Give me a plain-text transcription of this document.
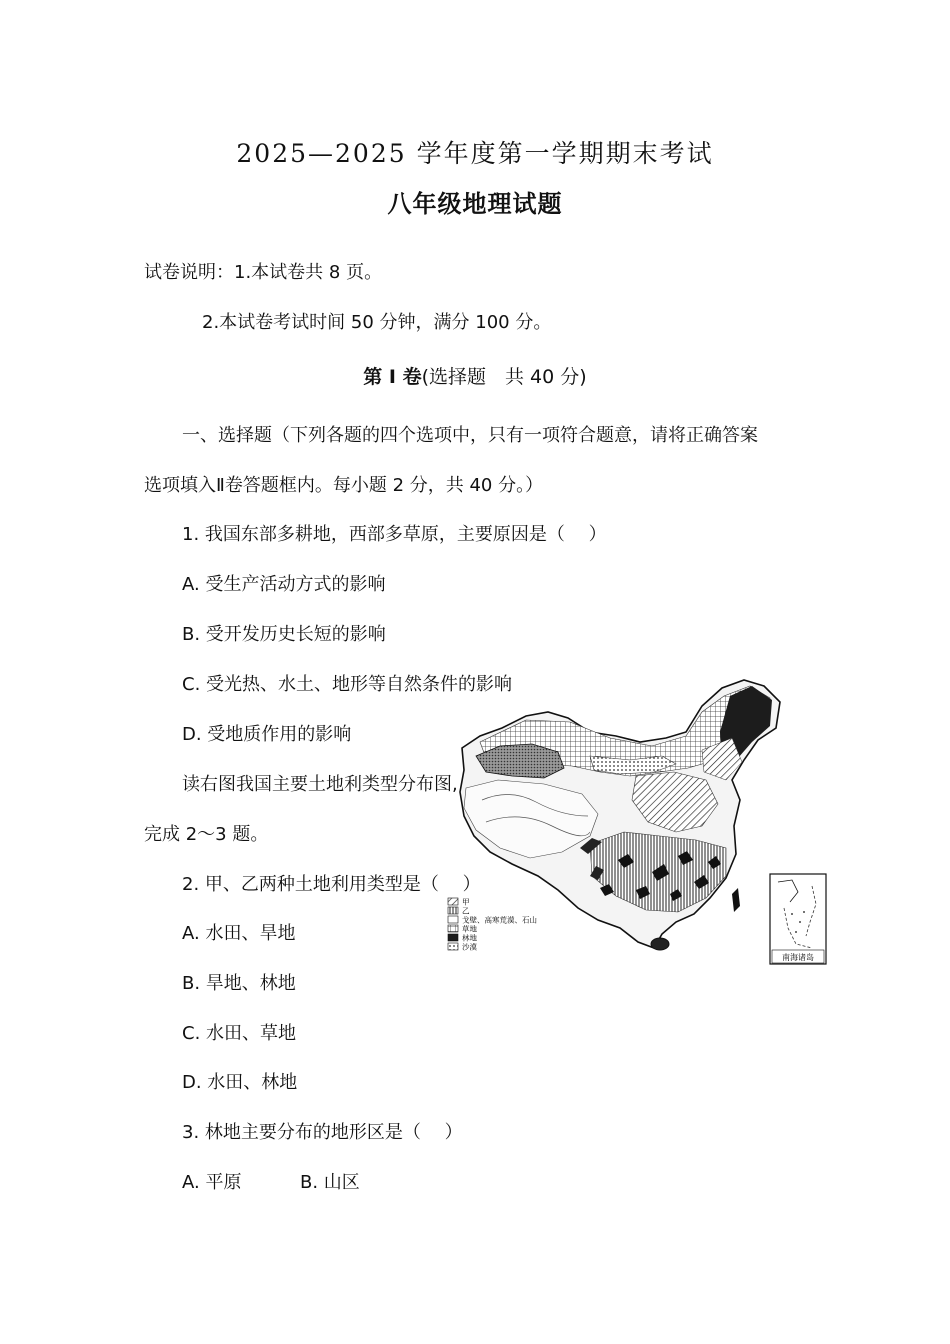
2025—2025 学年度第一学期期末考试
八年级地理试题
试卷说明：1.本试卷共 8 页。
2.本试卷考试时间 50 分钟，满分 100 分。
第 I 卷(选择题　共 40 分)
一、选择题（下列各题的四个选项中，只有一项符合题意，请将正确答案
选项填入Ⅱ卷答题框内。每小题 2 分，共 40 分。）
1. 我国东部多耕地，西部多草原，主要原因是（　 ）
A. 受生产活动方式的影响
B. 受开发历史长短的影响
C. 受光热、水土、地形等自然条件的影响
D. 受地质作用的影响
读右图我国主要土地利类型分布图,
完成 2～3 题。
2. 甲、乙两种土地利用类型是（　 ）
A. 水田、旱地
B. 旱地、林地
C. 水田、草地
D. 水田、林地
3. 林地主要分布的地形区是（　 ）
A. 平原	B. 山区
甲
乙
戈壁、高寒荒漠、石山
草地
林地
沙漠
南海诸岛
